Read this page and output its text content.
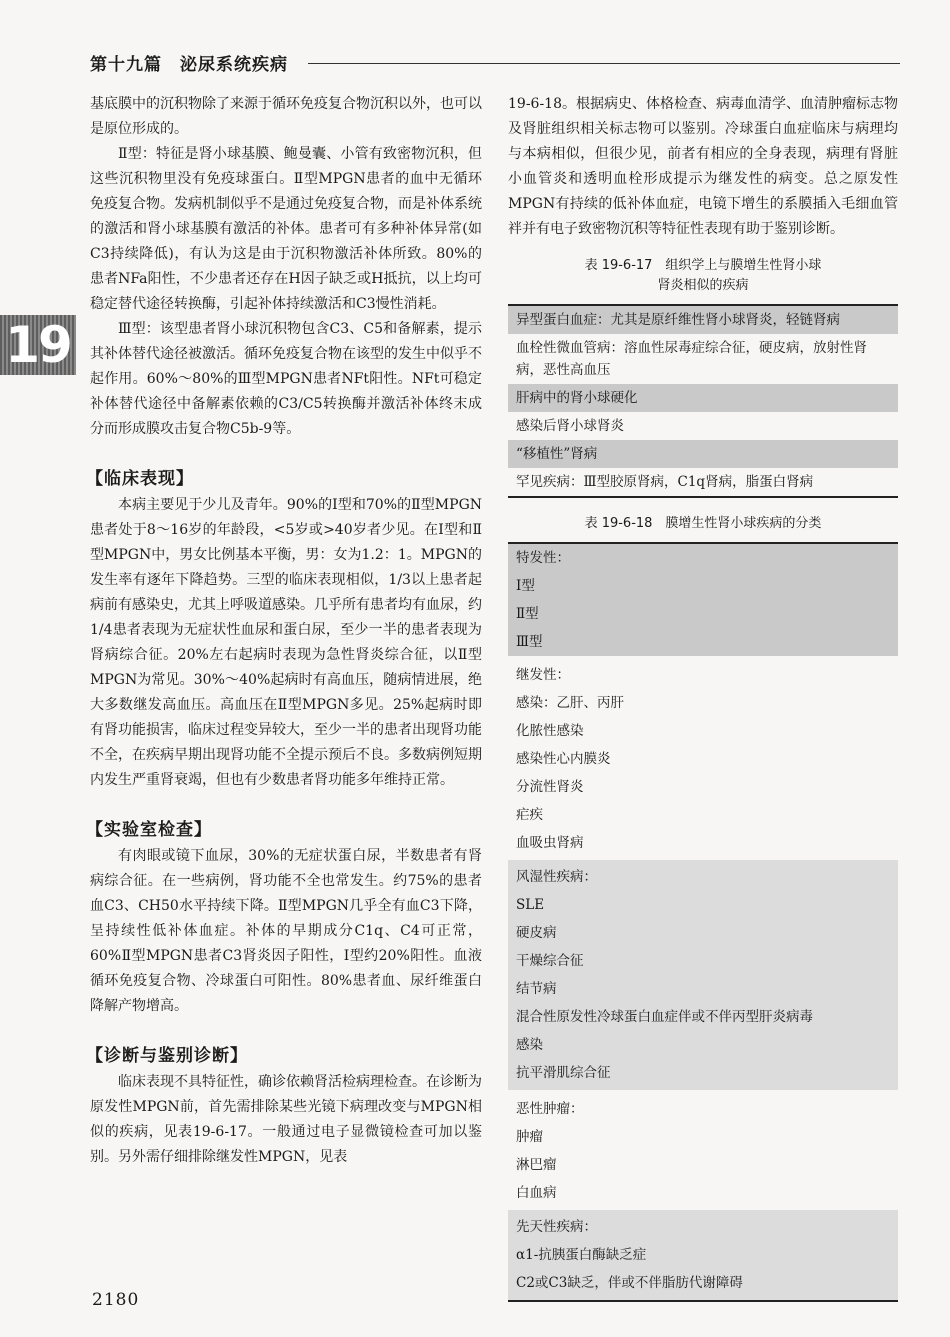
第十九篇　泌尿系统疾病
19

基底膜中的沉积物除了来源于循环免疫复合物沉积以外，也可以是原位形成的。

Ⅱ型：特征是肾小球基膜、鲍曼囊、小管有致密物沉积，但这些沉积物里没有免疫球蛋白。Ⅱ型MPGN患者的血中无循环免疫复合物。发病机制似乎不是通过免疫复合物，而是补体系统的激活和肾小球基膜有激活的补体。患者可有多种补体异常(如C3持续降低)，有认为这是由于沉积物激活补体所致。80%的患者NFa阳性，不少患者还存在H因子缺乏或H抵抗，以上均可稳定替代途径转换酶，引起补体持续激活和C3慢性消耗。

Ⅲ型：该型患者肾小球沉积物包含C3、C5和备解素，提示其补体替代途径被激活。循环免疫复合物在该型的发生中似乎不起作用。60%～80%的Ⅲ型MPGN患者NFt阳性。NFt可稳定补体替代途径中备解素依赖的C3/C5转换酶并激活补体终末成分而形成膜攻击复合物C5b-9等。

【临床表现】

本病主要见于少儿及青年。90%的Ⅰ型和70%的Ⅱ型MPGN患者处于8～16岁的年龄段，<5岁或>40岁者少见。在Ⅰ型和Ⅱ型MPGN中，男女比例基本平衡，男：女为1.2：1。MPGN的发生率有逐年下降趋势。三型的临床表现相似，1/3以上患者起病前有感染史，尤其上呼吸道感染。几乎所有患者均有血尿，约1/4患者表现为无症状性血尿和蛋白尿，至少一半的患者表现为肾病综合征。20%左右起病时表现为急性肾炎综合征，以Ⅱ型MPGN为常见。30%～40%起病时有高血压，随病情进展，绝大多数继发高血压。高血压在Ⅱ型MPGN多见。25%起病时即有肾功能损害，临床过程变异较大，至少一半的患者出现肾功能不全，在疾病早期出现肾功能不全提示预后不良。多数病例短期内发生严重肾衰竭，但也有少数患者肾功能多年维持正常。

【实验室检查】

有肉眼或镜下血尿，30%的无症状蛋白尿，半数患者有肾病综合征。在一些病例，肾功能不全也常发生。约75%的患者血C3、CH50水平持续下降。Ⅱ型MPGN几乎全有血C3下降，呈持续性低补体血症。补体的早期成分C1q、C4可正常，60%Ⅱ型MPGN患者C3肾炎因子阳性，Ⅰ型约20%阳性。血液循环免疫复合物、冷球蛋白可阳性。80%患者血、尿纤维蛋白降解产物增高。

【诊断与鉴别诊断】

临床表现不具特征性，确诊依赖肾活检病理检查。在诊断为原发性MPGN前，首先需排除某些光镜下病理改变与MPGN相似的疾病，见表19-6-17。一般通过电子显微镜检查可加以鉴别。另外需仔细排除继发性MPGN，见表

19-6-18。根据病史、体格检查、病毒血清学、血清肿瘤标志物及肾脏组织相关标志物可以鉴别。冷球蛋白血症临床与病理均与本病相似，但很少见，前者有相应的全身表现，病理有肾脏小血管炎和透明血栓形成提示为继发性的病变。总之原发性MPGN有持续的低补体血症，电镜下增生的系膜插入毛细血管袢并有电子致密物沉积等特征性表现有助于鉴别诊断。

表 19-6-17　组织学上与膜增生性肾小球
肾炎相似的疾病
异型蛋白血症：尤其是原纤维性肾小球肾炎，轻链肾病
血栓性微血管病：溶血性尿毒症综合征，硬皮病，放射性肾病，恶性高血压
肝病中的肾小球硬化
感染后肾小球肾炎
“移植性”肾病
罕见疾病：Ⅲ型胶原肾病，C1q肾病，脂蛋白肾病
表 19-6-18　膜增生性肾小球疾病的分类
特发性：
Ⅰ型
Ⅱ型
Ⅲ型
继发性：
感染：乙肝、丙肝
化脓性感染
感染性心内膜炎
分流性肾炎
疟疾
血吸虫肾病
风湿性疾病：
SLE
硬皮病
干燥综合征
结节病
混合性原发性冷球蛋白血症伴或不伴丙型肝炎病毒
感染
抗平滑肌综合征
恶性肿瘤：
肿瘤
淋巴瘤
白血病
先天性疾病：
α1-抗胰蛋白酶缺乏症
C2或C3缺乏，伴或不伴脂肪代谢障碍
2180
